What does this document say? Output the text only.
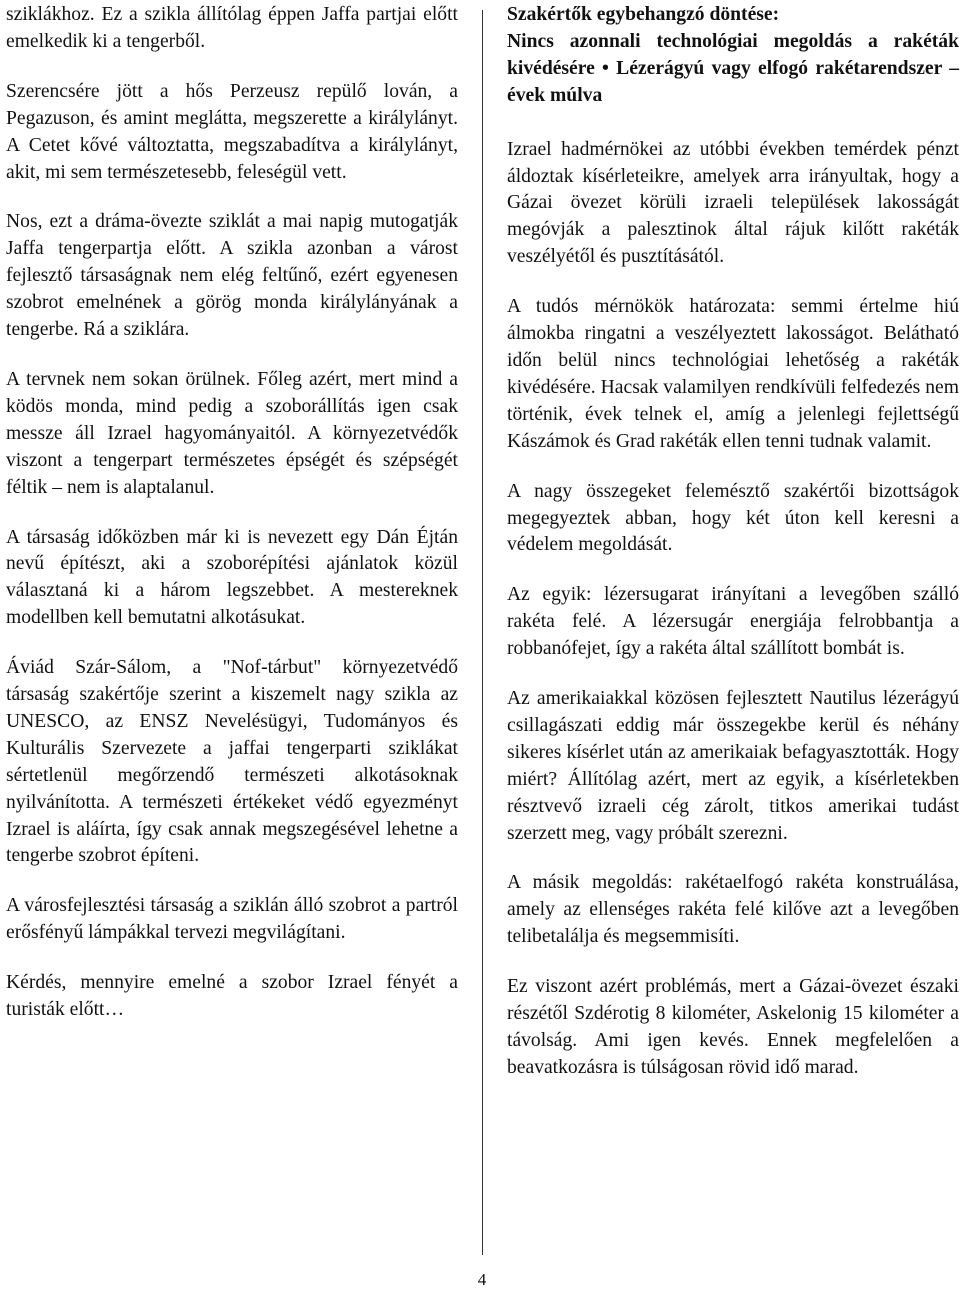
sziklákhoz. Ez a szikla állítólag éppen Jaffa partjai előtt emelkedik ki a tengerből.

Szerencsére jött a hős Perzeusz repülő lován, a Pegazuson, és amint meglátta, megszerette a királylányt. A Cetet kővé változtatta, megszabadítva a királylányt, akit, mi sem természetesebb, feleségül vett.

Nos, ezt a dráma-övezte sziklát a mai napig mutogatják Jaffa tengerpartja előtt. A szikla azonban a várost fejlesztő társaságnak nem elég feltűnő, ezért egyenesen szobrot emelnének a görög monda királylányának a tengerbe. Rá a sziklára.

A tervnek nem sokan örülnek. Főleg azért, mert mind a ködös monda, mind pedig a szoborállítás igen csak messze áll Izrael hagyományaitól. A környezetvédők viszont a tengerpart természetes épségét és szépségét féltik – nem is alaptalanul.

A társaság időközben már ki is nevezett egy Dán Éjtán nevű építészt, aki a szoborépítési ajánlatok közül választaná ki a három legszebbet. A mestereknek modellben kell bemutatni alkotásukat.

Áviád Szár-Sálom, a "Nof-tárbut" környezetvédő társaság szakértője szerint a kiszemelt nagy szikla az UNESCO, az ENSZ Nevelésügyi, Tudományos és Kulturális Szervezete a jaffai tengerparti sziklákat sértetlenül megőrzendő természeti alkotásoknak nyilvánította. A természeti értékeket védő egyezményt Izrael is aláírta, így csak annak megszegésével lehetne a tengerbe szobrot építeni.

A városfejlesztési társaság a sziklán álló szobrot a partról erősfényű lámpákkal tervezi megvilágítani.

Kérdés, mennyire emelné a szobor Izrael fényét a turisták előtt…

Szakértők egybehangzó döntése:
Nincs azonnali technológiai megoldás a rakéták kivédésére • Lézerágyú vagy elfogó rakétarendszer – évek múlva

Izrael hadmérnökei az utóbbi években temérdek pénzt áldoztak kísérleteikre, amelyek arra irányultak, hogy a Gázai övezet körüli izraeli települések lakosságát megóvják a palesztinok által rájuk kilőtt rakéták veszélyétől és pusztításától.

A tudós mérnökök határozata: semmi értelme hiú álmokba ringatni a veszélyeztett lakosságot. Belátható időn belül nincs technológiai lehetőség a rakéták kivédésére. Hacsak valamilyen rendkívüli felfedezés nem történik, évek telnek el, amíg a jelenlegi fejlettségű Kászámok és Grad rakéták ellen tenni tudnak valamit.

A nagy összegeket felemésztő szakértői bizottságok megegyeztek abban, hogy két úton kell keresni a védelem megoldását.

Az egyik: lézersugarat irányítani a levegőben szálló rakéta felé. A lézersugár energiája felrobbantja a robbanófejet, így a rakéta által szállított bombát is.

Az amerikaiakkal közösen fejlesztett Nautilus lézerágyú csillagászati eddig már összegekbe kerül és néhány sikeres kísérlet után az amerikaiak befagyasztották. Hogy miért? Állítólag azért, mert az egyik, a kísérletekben résztvevő izraeli cég zárolt, titkos amerikai tudást szerzett meg, vagy próbált szerezni.

A másik megoldás: rakétaelfogó rakéta konstruálása, amely az ellenséges rakéta felé kilőve azt a levegőben telibetalálja és megsemmisíti.

Ez viszont azért problémás, mert a Gázai-övezet északi részétől Szdérotig 8 kilométer, Askelonig 15 kilométer a távolság. Ami igen kevés. Ennek megfelelően a beavatkozásra is túlságosan rövid idő marad.

4
